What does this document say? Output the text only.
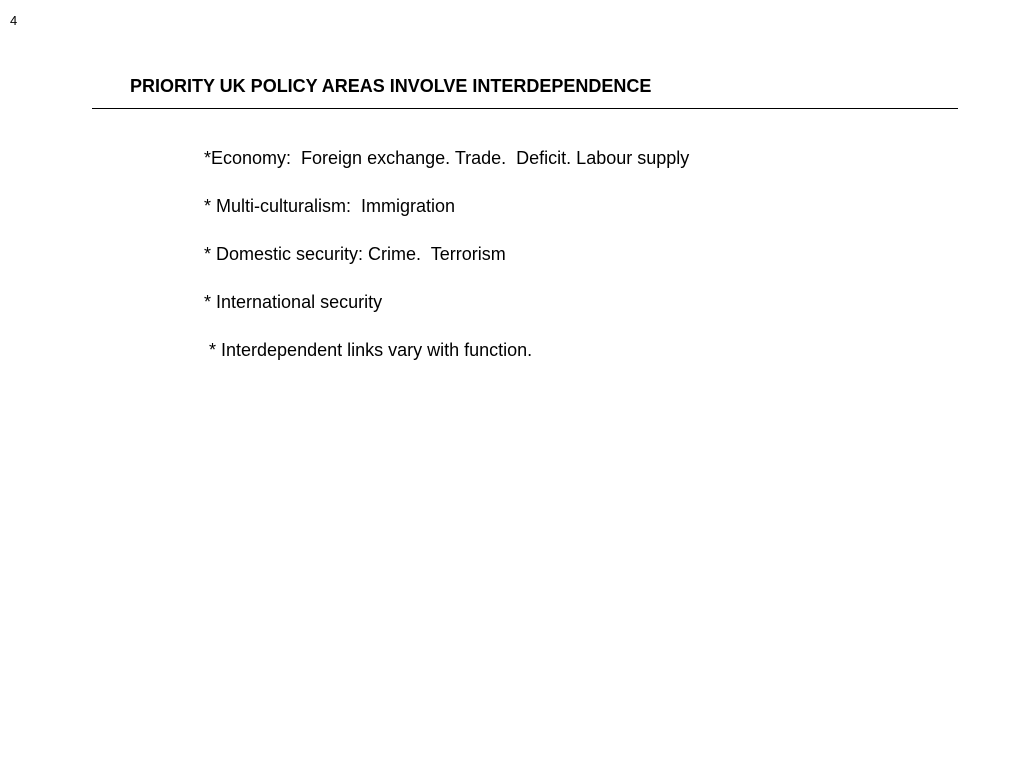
4
PRIORITY UK POLICY AREAS INVOLVE INTERDEPENDENCE
*Economy:  Foreign exchange. Trade.  Deficit. Labour supply
* Multi-culturalism:  Immigration
* Domestic security: Crime.  Terrorism
* International security
* Interdependent links vary with function.
